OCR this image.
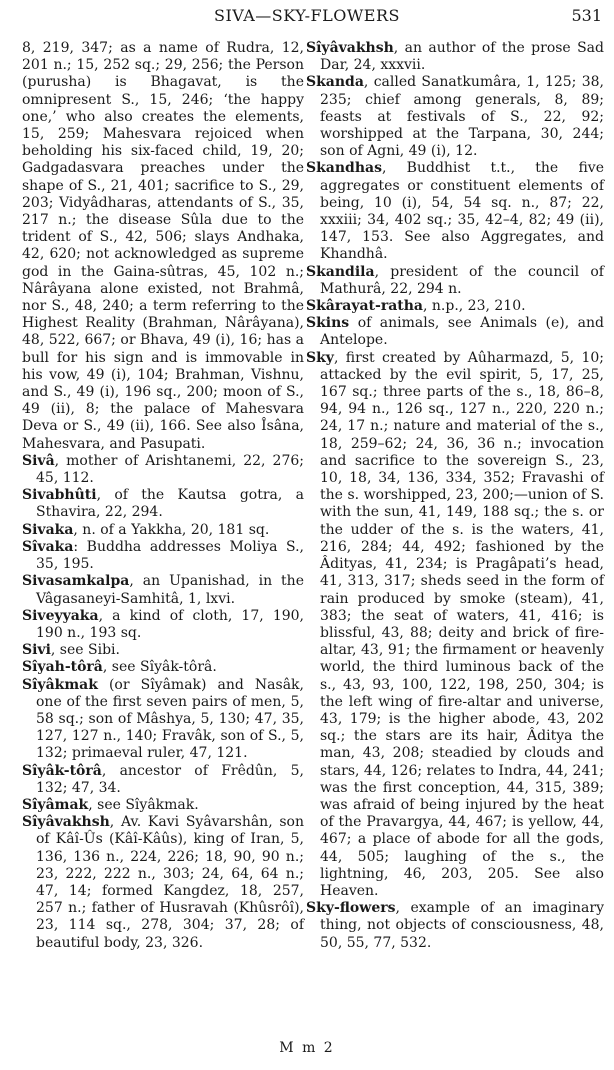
SIVA—SKY-FLOWERS	531
8, 219, 347; as a name of Rudra, 12, 201 n.; 15, 252 sq.; 29, 256; the Person (purusha) is Bhagavat, is the omnipresent S., 15, 246; ‘the happy one,’ who also creates the elements, 15, 259; Mahesvara rejoiced when beholding his six-faced child, 19, 20; Gadgadasvara preaches under the shape of S., 21, 401; sacrifice to S., 29, 203; Vidyâdharas, attendants of S., 35, 217 n.; the disease Sûla due to the trident of S., 42, 506; slays Andhaka, 42, 620; not acknowledged as supreme god in the Gaina-sûtras, 45, 102 n.; Nârâyana alone existed, not Brahmâ, nor S., 48, 240; a term referring to the Highest Reality (Brahman, Nârâyana), 48, 522, 667; or Bhava, 49 (i), 16; has a bull for his sign and is immovable in his vow, 49 (i), 104; Brahman, Vishnu, and S., 49 (i), 196 sq., 200; moon of S., 49 (ii), 8; the palace of Mahesvara Deva or S., 49 (ii), 166. See also Îsâna, Mahesvara, and Pasupati.
Sivâ, mother of Arishtanemi, 22, 276; 45, 112.
Sivabhûti, of the Kautsa gotra, a Sthavira, 22, 294.
Sivaka, n. of a Yakkha, 20, 181 sq.
Sîvaka: Buddha addresses Moliya S., 35, 195.
Sivasamkalpa, an Upanishad, in the Vâgasaneyi-Samhitâ, 1, lxvi.
Siveyyaka, a kind of cloth, 17, 190, 190 n., 193 sq.
Sivi, see Sibi.
Sîyah-tôrâ, see Sîyâk-tôrâ.
Sîyâkmak (or Sîyâmak) and Nasâk, one of the first seven pairs of men, 5, 58 sq.; son of Mâshya, 5, 130; 47, 35, 127, 127 n., 140; Fravâk, son of S., 5, 132; primaeval ruler, 47, 121.
Sîyâk-tôrâ, ancestor of Frêdûn, 5, 132; 47, 34.
Sîyâmak, see Sîyâkmak.
Sîyâvakhsh, Av. Kavi Syâvarshân, son of Kâî-Ûs (Kâî-Kâûs), king of Iran, 5, 136, 136 n., 224, 226; 18, 90, 90 n.; 23, 222, 222 n., 303; 24, 64, 64 n.; 47, 14; formed Kangdez, 18, 257, 257 n.; father of Husravah (Khûsrôî), 23, 114 sq., 278, 304; 37, 28; of beautiful body, 23, 326.
Sîyâvakhsh, an author of the prose Sad Dar, 24, xxxvii.
Skanda, called Sanatkumâra, 1, 125; 38, 235; chief among generals, 8, 89; feasts at festivals of S., 22, 92; worshipped at the Tarpana, 30, 244; son of Agni, 49 (i), 12.
Skandhas, Buddhist t.t., the five aggregates or constituent elements of being, 10 (i), 54, 54 sq. n., 87; 22, xxxiii; 34, 402 sq.; 35, 42–4, 82; 49 (ii), 147, 153. See also Aggregates, and Khandhâ.
Skandila, president of the council of Mathurâ, 22, 294 n.
Skârayat-ratha, n.p., 23, 210.
Skins of animals, see Animals (e), and Antelope.
Sky, first created by Aûharmazd, 5, 10; attacked by the evil spirit, 5, 17, 25, 167 sq.; three parts of the s., 18, 86–8, 94, 94 n., 126 sq., 127 n., 220, 220 n.; 24, 17 n.; nature and material of the s., 18, 259–62; 24, 36, 36 n.; invocation and sacrifice to the sovereign S., 23, 10, 18, 34, 136, 334, 352; Fravashi of the s. worshipped, 23, 200;—union of S. with the sun, 41, 149, 188 sq.; the s. or the udder of the s. is the waters, 41, 216, 284; 44, 492; fashioned by the Âdityas, 41, 234; is Pragâpati’s head, 41, 313, 317; sheds seed in the form of rain produced by smoke (steam), 41, 383; the seat of waters, 41, 416; is blissful, 43, 88; deity and brick of fire-altar, 43, 91; the firmament or heavenly world, the third luminous back of the s., 43, 93, 100, 122, 198, 250, 304; is the left wing of fire-altar and universe, 43, 179; is the higher abode, 43, 202 sq.; the stars are its hair, Âditya the man, 43, 208; steadied by clouds and stars, 44, 126; relates to Indra, 44, 241; was the first conception, 44, 315, 389; was afraid of being injured by the heat of the Pravargya, 44, 467; is yellow, 44, 467; a place of abode for all the gods, 44, 505; laughing of the s., the lightning, 46, 203, 205. See also Heaven.
Sky-flowers, example of an imaginary thing, not objects of consciousness, 48, 50, 55, 77, 532.
M m 2
